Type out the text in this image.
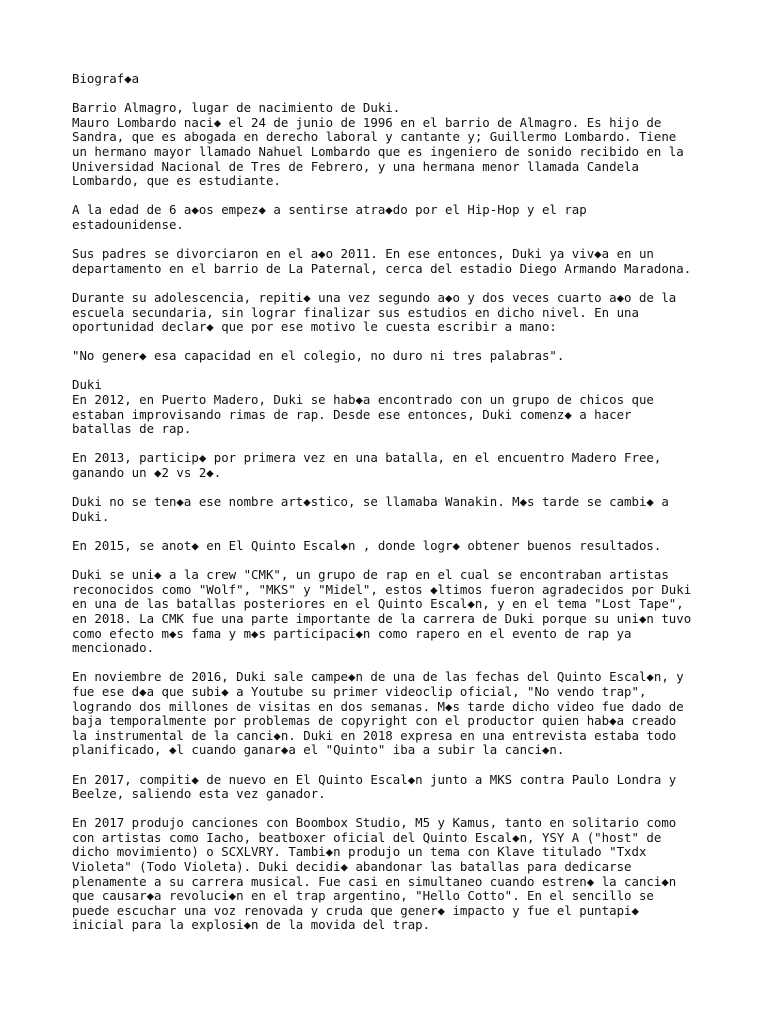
Biograf◆a
Barrio Almagro, lugar de nacimiento de Duki.
Mauro Lombardo naci◆ el 24 de junio de 1996 en el barrio de Almagro. Es hijo de
Sandra, que es abogada en derecho laboral y cantante y; Guillermo Lombardo. Tiene
un hermano mayor llamado Nahuel Lombardo que es ingeniero de sonido recibido en la
Universidad Nacional de Tres de Febrero, y una hermana menor llamada Candela
Lombardo, que es estudiante.
A la edad de 6 a◆os empez◆ a sentirse atra◆do por el Hip-Hop y el rap
estadounidense.
Sus padres se divorciaron en el a◆o 2011. En ese entonces, Duki ya viv◆a en un
departamento en el barrio de La Paternal, cerca del estadio Diego Armando Maradona.
Durante su adolescencia, repiti◆ una vez segundo a◆o y dos veces cuarto a◆o de la
escuela secundaria, sin lograr finalizar sus estudios en dicho nivel. En una
oportunidad declar◆ que por ese motivo le cuesta escribir a mano:
"No gener◆ esa capacidad en el colegio, no duro ni tres palabras".
Duki
En 2012, en Puerto Madero, Duki se hab◆a encontrado con un grupo de chicos que
estaban improvisando rimas de rap. Desde ese entonces, Duki comenz◆ a hacer
batallas de rap.
En 2013, particip◆ por primera vez en una batalla, en el encuentro Madero Free,
ganando un ◆2 vs 2◆.
Duki no se ten◆a ese nombre art◆stico, se llamaba Wanakin. M◆s tarde se cambi◆ a
Duki.
En 2015, se anot◆ en El Quinto Escal◆n , donde logr◆ obtener buenos resultados.
Duki se uni◆ a la crew "CMK", un grupo de rap en el cual se encontraban artistas
reconocidos como "Wolf", "MKS" y "Midel", estos ◆ltimos fueron agradecidos por Duki
en una de las batallas posteriores en el Quinto Escal◆n, y en el tema "Lost Tape",
en 2018. La CMK fue una parte importante de la carrera de Duki porque su uni◆n tuvo
como efecto m◆s fama y m◆s participaci◆n como rapero en el evento de rap ya
mencionado.
En noviembre de 2016, Duki sale campe◆n de una de las fechas del Quinto Escal◆n, y
fue ese d◆a que subi◆ a Youtube su primer videoclip oficial, "No vendo trap",
logrando dos millones de visitas en dos semanas. M◆s tarde dicho video fue dado de
baja temporalmente por problemas de copyright con el productor quien hab◆a creado
la instrumental de la canci◆n. Duki en 2018 expresa en una entrevista estaba todo
planificado, ◆l cuando ganar◆a el "Quinto" iba a subir la canci◆n.
En 2017, compiti◆ de nuevo en El Quinto Escal◆n junto a MKS contra Paulo Londra y
Beelze, saliendo esta vez ganador.
En 2017 produjo canciones con Boombox Studio, M5 y Kamus, tanto en solitario como
con artistas como Iacho, beatboxer oficial del Quinto Escal◆n, YSY A ("host" de
dicho movimiento) o SCXLVRY. Tambi◆n produjo un tema con Klave titulado "Txdx
Violeta" (Todo Violeta). Duki decidi◆ abandonar las batallas para dedicarse
plenamente a su carrera musical. Fue casi en simultaneo cuando estren◆ la canci◆n
que causar◆a revoluci◆n en el trap argentino, "Hello Cotto". En el sencillo se
puede escuchar una voz renovada y cruda que gener◆ impacto y fue el puntapi◆
inicial para la explosi◆n de la movida del trap.
